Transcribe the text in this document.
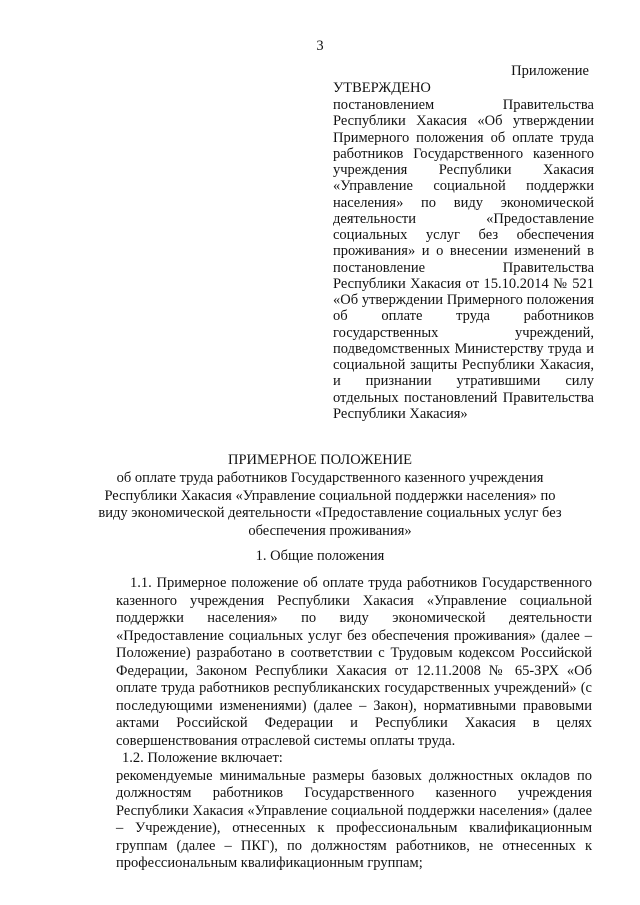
3
Приложение
УТВЕРЖДЕНО
постановлением Правительства Республики Хакасия «Об утверждении Примерного положения об оплате труда работников Государственного казенного учреждения Республики Хакасия «Управление социальной поддержки населения» по виду экономической деятельности «Предоставление социальных услуг без обеспечения проживания» и о внесении изменений в постановление Правительства Республики Хакасия от 15.10.2014 № 521 «Об утверждении Примерного положения об оплате труда работников государственных учреждений, подведомственных Министерству труда и социальной защиты Республики Хакасия, и признании утратившими силу отдельных постановлений Правительства Республики Хакасия»
ПРИМЕРНОЕ ПОЛОЖЕНИЕ
об оплате труда работников Государственного казенного учреждения Республики Хакасия «Управление социальной поддержки населения» по виду экономической деятельности «Предоставление социальных услуг без обеспечения проживания»
1. Общие положения

1.1. Примерное положение об оплате труда работников Государственного казенного учреждения Республики Хакасия «Управление социальной поддержки населения» по виду экономической деятельности «Предоставление социальных услуг без обеспечения проживания» (далее – Положение) разработано в соответствии с Трудовым кодексом Российской Федерации, Законом Республики Хакасия от 12.11.2008 № 65-ЗРХ «Об оплате труда работников республиканских государственных учреждений» (с последующими изменениями) (далее – Закон), нормативными правовыми актами Российской Федерации и Республики Хакасия в целях совершенствования отраслевой системы оплаты труда.

1.2. Положение включает:

рекомендуемые минимальные размеры базовых должностных окладов по должностям работников Государственного казенного учреждения Республики Хакасия «Управление социальной поддержки населения» (далее – Учреждение), отнесенных к профессиональным квалификационным группам (далее – ПКГ), по должностям работников, не отнесенных к профессиональным квалификационным группам;
